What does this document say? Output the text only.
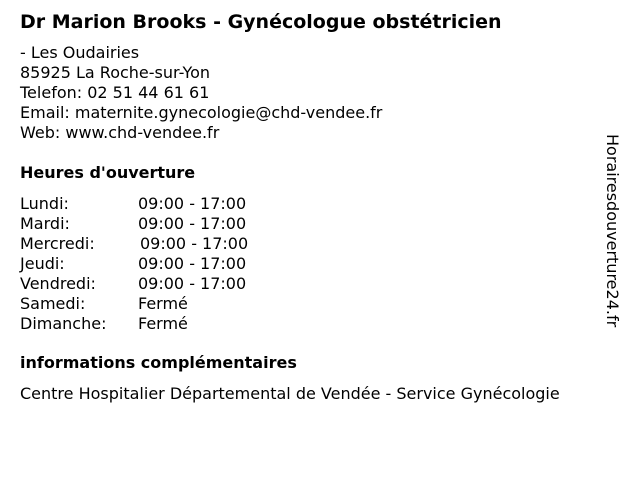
Dr Marion Brooks - Gynécologue obstétricien
- Les Oudairies
85925 La Roche-sur-Yon
Telefon: 02 51 44 61 61
Email: maternite.gynecologie@chd-vendee.fr
Web: www.chd-vendee.fr
Heures d'ouverture
Lundi:	09:00 - 17:00
Mardi:	09:00 - 17:00
Mercredi:	09:00 - 17:00
Jeudi:	09:00 - 17:00
Vendredi:	09:00 - 17:00
Samedi:	Fermé
Dimanche: Fermé
informations complémentaires
Centre Hospitalier Départemental de Vendée - Service Gynécologie
Horairesdouverture24.fr
